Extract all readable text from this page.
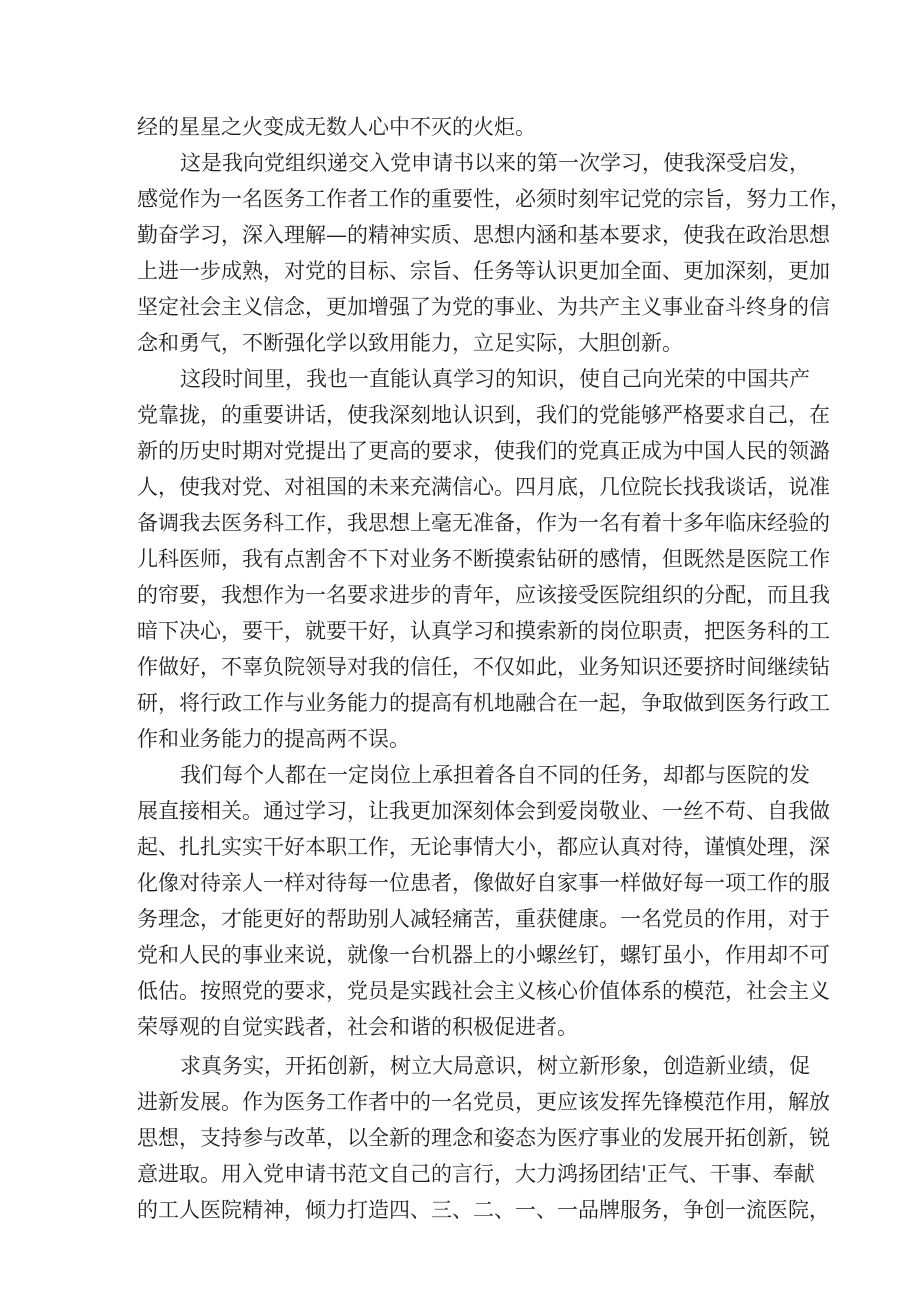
经的星星之火变成无数人心中不灭的火炬。
这是我向党组织递交入党申请书以来的第一次学习，使我深受启发，
感觉作为一名医务工作者工作的重要性，必须时刻牢记党的宗旨，努力工作，
勤奋学习，深入理解—的精神实质、思想内涵和基本要求，使我在政治思想
上进一步成熟，对党的目标、宗旨、任务等认识更加全面、更加深刻，更加
坚定社会主义信念，更加增强了为党的事业、为共产主义事业奋斗终身的信
念和勇气，不断强化学以致用能力，立足实际，大胆创新。
这段时间里，我也一直能认真学习的知识，使自己向光荣的中国共产
党靠拢，的重要讲话，使我深刻地认识到，我们的党能够严格要求自己，在
新的历史时期对党提出了更高的要求，使我们的党真正成为中国人民的领潞
人，使我对党、对祖国的未来充满信心。四月底，几位院长找我谈话，说准
备调我去医务科工作，我思想上毫无准备，作为一名有着十多年临床经验的
儿科医师，我有点割舍不下对业务不断摸索钻研的感情，但既然是医院工作
的帘要，我想作为一名要求进步的青年，应该接受医院组织的分配，而且我
暗下决心，要干，就要干好，认真学习和摸索新的岗位职责，把医务科的工
作做好，不辜负院领导对我的信任，不仅如此，业务知识还要挤时间继续钻
研，将行政工作与业务能力的提高有机地融合在一起，争取做到医务行政工
作和业务能力的提高两不误。
我们每个人都在一定岗位上承担着各自不同的任务，却都与医院的发
展直接相关。通过学习，让我更加深刻体会到爱岗敬业、一丝不苟、自我做
起、扎扎实实干好本职工作，无论事情大小，都应认真对待，谨慎处理，深
化像对待亲人一样对待每一位患者，像做好自家事一样做好每一项工作的服
务理念，才能更好的帮助别人减轻痛苦，重获健康。一名党员的作用，对于
党和人民的事业来说，就像一台机器上的小螺丝钉，螺钉虽小，作用却不可
低估。按照党的要求，党员是实践社会主义核心价值体系的模范，社会主义
荣辱观的自觉实践者，社会和谐的积极促进者。
求真务实，开拓创新，树立大局意识，树立新形象，创造新业绩，促
进新发展。作为医务工作者中的一名党员，更应该发挥先锋模范作用，解放
思想，支持参与改革，以全新的理念和姿态为医疗事业的发展开拓创新，锐
意进取。用入党申请书范文自己的言行，大力鸿扬团结'正气、干事、奉献
的工人医院精神，倾力打造四、三、二、一、一品牌服务，争创一流医院，
